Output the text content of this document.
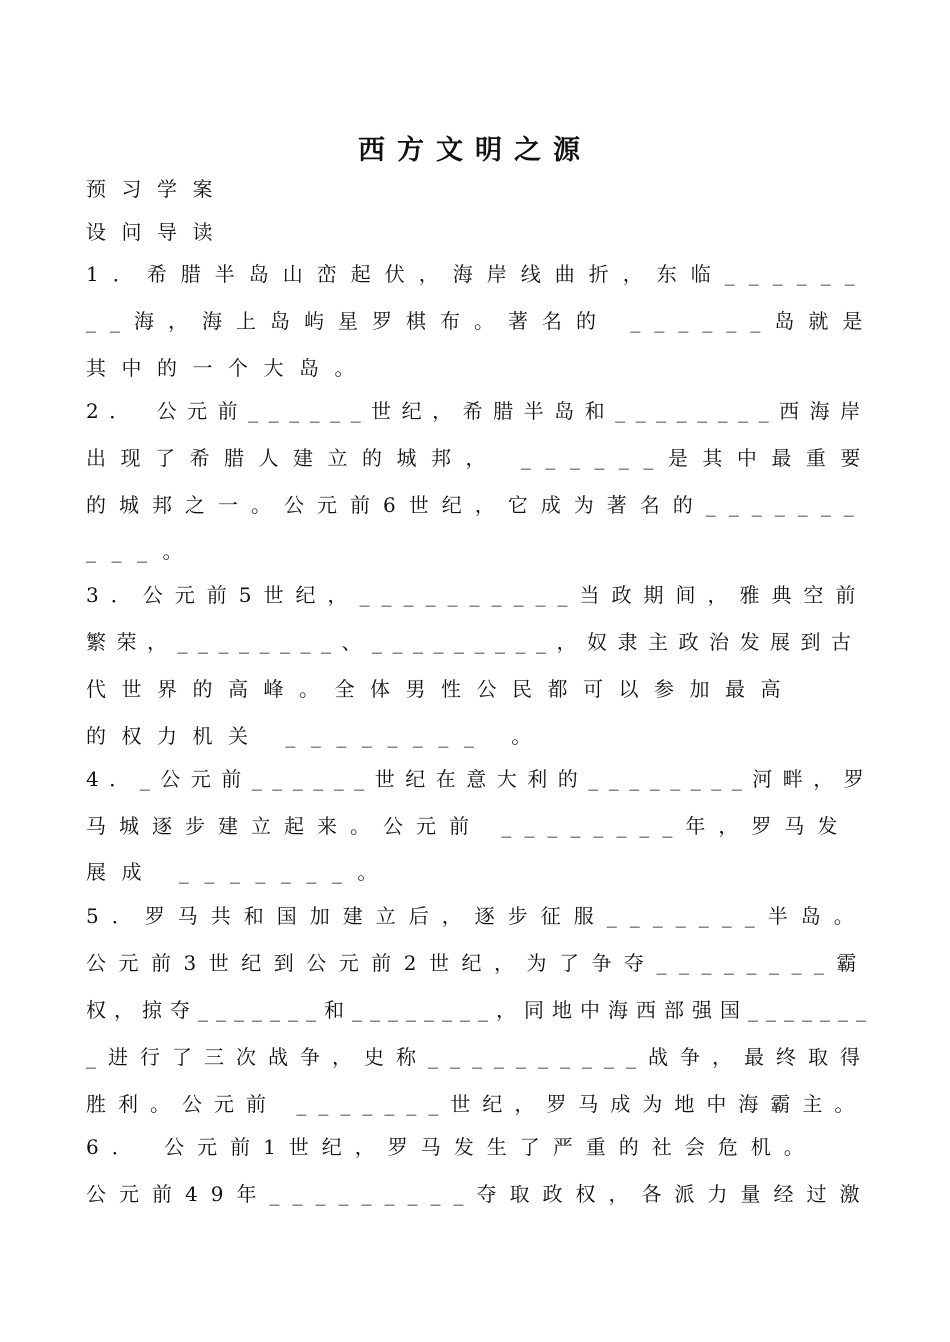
西方文明之源
预习学案
设问导读
1．希腊半岛山峦起伏，海岸线曲折，东临______
__海，海上岛屿星罗棋布。著名的 ______岛就是
其中的一个大岛。
2． 公元前______世纪，希腊半岛和________西海岸
出现了希腊人建立的城邦， ______是其中最重要
的城邦之一。公元前6世纪，它成为著名的_______
___。
3．公元前5世纪，__________当政期间，雅典空前
繁荣，________、_________，奴隶主政治发展到古
代世界的高峰。全体男性公民都可以参加最高
的权力机关 ________ 。
4．_公元前______世纪在意大利的________河畔，罗
马城逐步建立起来。公元前 ________年，罗马发
展成 _______。
5．罗马共和国加建立后，逐步征服_______半岛。
公元前3世纪到公元前2世纪，为了争夺________霸
权，掠夺_______和________，同地中海西部强国_______
_进行了三次战争，史称__________战争，最终取得
胜利。公元前 _______世纪，罗马成为地中海霸主。
6． 公元前1世纪，罗马发生了严重的社会危机。
公元前49年_________夺取政权，各派力量经过激
